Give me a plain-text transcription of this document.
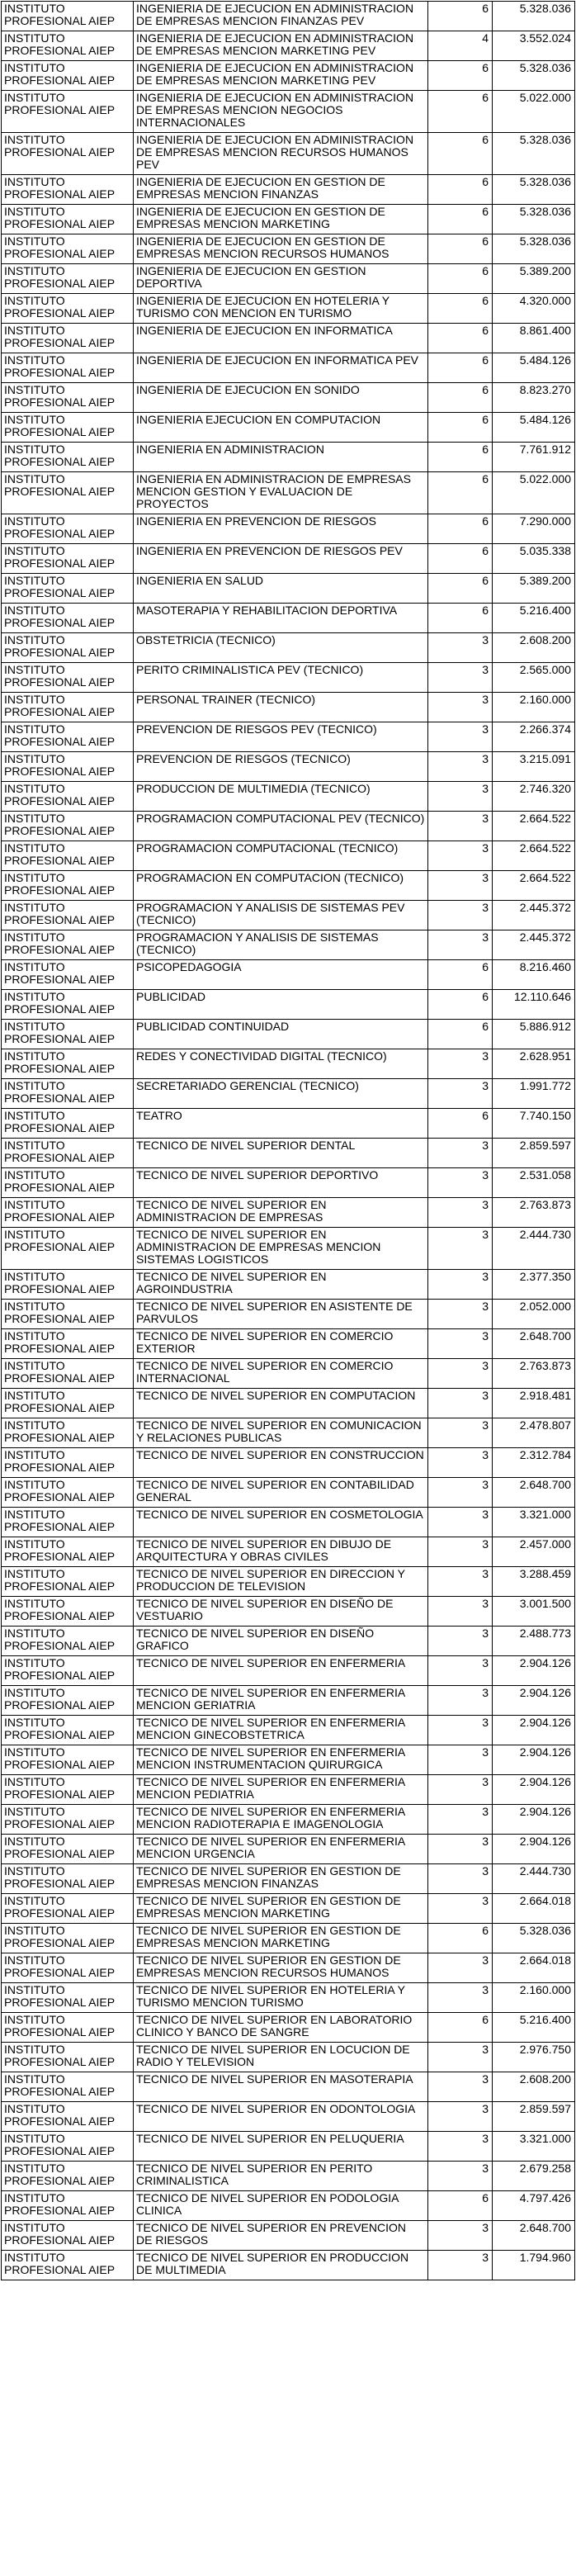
INSTITUTO PROFESIONAL AIEP	INGENIERIA DE EJECUCION EN ADMINISTRACION DE EMPRESAS MENCION FINANZAS PEV	6	5.328.036
INSTITUTO PROFESIONAL AIEP	INGENIERIA DE EJECUCION EN ADMINISTRACION DE EMPRESAS MENCION MARKETING PEV	4	3.552.024
INSTITUTO PROFESIONAL AIEP	INGENIERIA DE EJECUCION EN ADMINISTRACION DE EMPRESAS MENCION MARKETING PEV	6	5.328.036
INSTITUTO PROFESIONAL AIEP	INGENIERIA DE EJECUCION EN ADMINISTRACION DE EMPRESAS MENCION NEGOCIOS INTERNACIONALES	6	5.022.000
INSTITUTO PROFESIONAL AIEP	INGENIERIA DE EJECUCION EN ADMINISTRACION DE EMPRESAS MENCION RECURSOS HUMANOS PEV	6	5.328.036
INSTITUTO PROFESIONAL AIEP	INGENIERIA DE EJECUCION EN GESTION DE EMPRESAS MENCION FINANZAS	6	5.328.036
INSTITUTO PROFESIONAL AIEP	INGENIERIA DE EJECUCION EN GESTION DE EMPRESAS MENCION MARKETING	6	5.328.036
INSTITUTO PROFESIONAL AIEP	INGENIERIA DE EJECUCION EN GESTION DE EMPRESAS MENCION RECURSOS HUMANOS	6	5.328.036
INSTITUTO PROFESIONAL AIEP	INGENIERIA DE EJECUCION EN GESTION DEPORTIVA	6	5.389.200
INSTITUTO PROFESIONAL AIEP	INGENIERIA DE EJECUCION EN HOTELERIA Y TURISMO CON MENCION EN TURISMO	6	4.320.000
INSTITUTO PROFESIONAL AIEP	INGENIERIA DE EJECUCION EN INFORMATICA	6	8.861.400
INSTITUTO PROFESIONAL AIEP	INGENIERIA DE EJECUCION EN INFORMATICA PEV	6	5.484.126
INSTITUTO PROFESIONAL AIEP	INGENIERIA DE EJECUCION EN SONIDO	6	8.823.270
INSTITUTO PROFESIONAL AIEP	INGENIERIA EJECUCION EN COMPUTACION	6	5.484.126
INSTITUTO PROFESIONAL AIEP	INGENIERIA EN ADMINISTRACION	6	7.761.912
INSTITUTO PROFESIONAL AIEP	INGENIERIA EN ADMINISTRACION DE EMPRESAS MENCION GESTION Y EVALUACION DE PROYECTOS	6	5.022.000
INSTITUTO PROFESIONAL AIEP	INGENIERIA EN PREVENCION DE RIESGOS	6	7.290.000
INSTITUTO PROFESIONAL AIEP	INGENIERIA EN PREVENCION DE RIESGOS PEV	6	5.035.338
INSTITUTO PROFESIONAL AIEP	INGENIERIA EN SALUD	6	5.389.200
INSTITUTO PROFESIONAL AIEP	MASOTERAPIA Y REHABILITACION DEPORTIVA	6	5.216.400
INSTITUTO PROFESIONAL AIEP	OBSTETRICIA (TECNICO)	3	2.608.200
INSTITUTO PROFESIONAL AIEP	PERITO CRIMINALISTICA PEV (TECNICO)	3	2.565.000
INSTITUTO PROFESIONAL AIEP	PERSONAL TRAINER (TECNICO)	3	2.160.000
INSTITUTO PROFESIONAL AIEP	PREVENCION DE RIESGOS PEV (TECNICO)	3	2.266.374
INSTITUTO PROFESIONAL AIEP	PREVENCION DE RIESGOS (TECNICO)	3	3.215.091
INSTITUTO PROFESIONAL AIEP	PRODUCCION DE MULTIMEDIA (TECNICO)	3	2.746.320
INSTITUTO PROFESIONAL AIEP	PROGRAMACION COMPUTACIONAL PEV (TECNICO)	3	2.664.522
INSTITUTO PROFESIONAL AIEP	PROGRAMACION COMPUTACIONAL (TECNICO)	3	2.664.522
INSTITUTO PROFESIONAL AIEP	PROGRAMACION EN COMPUTACION (TECNICO)	3	2.664.522
INSTITUTO PROFESIONAL AIEP	PROGRAMACION Y ANALISIS DE SISTEMAS PEV (TECNICO)	3	2.445.372
INSTITUTO PROFESIONAL AIEP	PROGRAMACION Y ANALISIS DE SISTEMAS (TECNICO)	3	2.445.372
INSTITUTO PROFESIONAL AIEP	PSICOPEDAGOGIA	6	8.216.460
INSTITUTO PROFESIONAL AIEP	PUBLICIDAD	6	12.110.646
INSTITUTO PROFESIONAL AIEP	PUBLICIDAD CONTINUIDAD	6	5.886.912
INSTITUTO PROFESIONAL AIEP	REDES Y CONECTIVIDAD DIGITAL (TECNICO)	3	2.628.951
INSTITUTO PROFESIONAL AIEP	SECRETARIADO GERENCIAL (TECNICO)	3	1.991.772
INSTITUTO PROFESIONAL AIEP	TEATRO	6	7.740.150
INSTITUTO PROFESIONAL AIEP	TECNICO DE NIVEL SUPERIOR DENTAL	3	2.859.597
INSTITUTO PROFESIONAL AIEP	TECNICO DE NIVEL SUPERIOR DEPORTIVO	3	2.531.058
INSTITUTO PROFESIONAL AIEP	TECNICO DE NIVEL SUPERIOR EN ADMINISTRACION DE EMPRESAS	3	2.763.873
INSTITUTO PROFESIONAL AIEP	TECNICO DE NIVEL SUPERIOR EN ADMINISTRACION DE EMPRESAS MENCION SISTEMAS LOGISTICOS	3	2.444.730
INSTITUTO PROFESIONAL AIEP	TECNICO DE NIVEL SUPERIOR EN AGROINDUSTRIA	3	2.377.350
INSTITUTO PROFESIONAL AIEP	TECNICO DE NIVEL SUPERIOR EN ASISTENTE DE PARVULOS	3	2.052.000
INSTITUTO PROFESIONAL AIEP	TECNICO DE NIVEL SUPERIOR EN COMERCIO EXTERIOR	3	2.648.700
INSTITUTO PROFESIONAL AIEP	TECNICO DE NIVEL SUPERIOR EN COMERCIO INTERNACIONAL	3	2.763.873
INSTITUTO PROFESIONAL AIEP	TECNICO DE NIVEL SUPERIOR EN COMPUTACION	3	2.918.481
INSTITUTO PROFESIONAL AIEP	TECNICO DE NIVEL SUPERIOR EN COMUNICACION Y RELACIONES PUBLICAS	3	2.478.807
INSTITUTO PROFESIONAL AIEP	TECNICO DE NIVEL SUPERIOR EN CONSTRUCCION	3	2.312.784
INSTITUTO PROFESIONAL AIEP	TECNICO DE NIVEL SUPERIOR EN CONTABILIDAD GENERAL	3	2.648.700
INSTITUTO PROFESIONAL AIEP	TECNICO DE NIVEL SUPERIOR EN COSMETOLOGIA	3	3.321.000
INSTITUTO PROFESIONAL AIEP	TECNICO DE NIVEL SUPERIOR EN DIBUJO DE ARQUITECTURA Y OBRAS CIVILES	3	2.457.000
INSTITUTO PROFESIONAL AIEP	TECNICO DE NIVEL SUPERIOR EN DIRECCION Y PRODUCCION DE TELEVISION	3	3.288.459
INSTITUTO PROFESIONAL AIEP	TECNICO DE NIVEL SUPERIOR EN DISEÑO DE VESTUARIO	3	3.001.500
INSTITUTO PROFESIONAL AIEP	TECNICO DE NIVEL SUPERIOR EN DISEÑO GRAFICO	3	2.488.773
INSTITUTO PROFESIONAL AIEP	TECNICO DE NIVEL SUPERIOR EN ENFERMERIA	3	2.904.126
INSTITUTO PROFESIONAL AIEP	TECNICO DE NIVEL SUPERIOR EN ENFERMERIA MENCION GERIATRIA	3	2.904.126
INSTITUTO PROFESIONAL AIEP	TECNICO DE NIVEL SUPERIOR EN ENFERMERIA MENCION GINECOBSTETRICA	3	2.904.126
INSTITUTO PROFESIONAL AIEP	TECNICO DE NIVEL SUPERIOR EN ENFERMERIA MENCION INSTRUMENTACION QUIRURGICA	3	2.904.126
INSTITUTO PROFESIONAL AIEP	TECNICO DE NIVEL SUPERIOR EN ENFERMERIA MENCION PEDIATRIA	3	2.904.126
INSTITUTO PROFESIONAL AIEP	TECNICO DE NIVEL SUPERIOR EN ENFERMERIA MENCION RADIOTERAPIA E IMAGENOLOGIA	3	2.904.126
INSTITUTO PROFESIONAL AIEP	TECNICO DE NIVEL SUPERIOR EN ENFERMERIA MENCION URGENCIA	3	2.904.126
INSTITUTO PROFESIONAL AIEP	TECNICO DE NIVEL SUPERIOR EN GESTION DE EMPRESAS MENCION FINANZAS	3	2.444.730
INSTITUTO PROFESIONAL AIEP	TECNICO DE NIVEL SUPERIOR EN GESTION DE EMPRESAS MENCION MARKETING	3	2.664.018
INSTITUTO PROFESIONAL AIEP	TECNICO DE NIVEL SUPERIOR EN GESTION DE EMPRESAS MENCION MARKETING	6	5.328.036
INSTITUTO PROFESIONAL AIEP	TECNICO DE NIVEL SUPERIOR EN GESTION DE EMPRESAS MENCION RECURSOS HUMANOS	3	2.664.018
INSTITUTO PROFESIONAL AIEP	TECNICO DE NIVEL SUPERIOR EN HOTELERIA Y TURISMO MENCION TURISMO	3	2.160.000
INSTITUTO PROFESIONAL AIEP	TECNICO DE NIVEL SUPERIOR EN LABORATORIO CLINICO Y BANCO DE SANGRE	6	5.216.400
INSTITUTO PROFESIONAL AIEP	TECNICO DE NIVEL SUPERIOR EN LOCUCION DE RADIO Y TELEVISION	3	2.976.750
INSTITUTO PROFESIONAL AIEP	TECNICO DE NIVEL SUPERIOR EN MASOTERAPIA	3	2.608.200
INSTITUTO PROFESIONAL AIEP	TECNICO DE NIVEL SUPERIOR EN ODONTOLOGIA	3	2.859.597
INSTITUTO PROFESIONAL AIEP	TECNICO DE NIVEL SUPERIOR EN PELUQUERIA	3	3.321.000
INSTITUTO PROFESIONAL AIEP	TECNICO DE NIVEL SUPERIOR EN PERITO CRIMINALISTICA	3	2.679.258
INSTITUTO PROFESIONAL AIEP	TECNICO DE NIVEL SUPERIOR EN PODOLOGIA CLINICA	6	4.797.426
INSTITUTO PROFESIONAL AIEP	TECNICO DE NIVEL SUPERIOR EN PREVENCION DE RIESGOS	3	2.648.700
INSTITUTO PROFESIONAL AIEP	TECNICO DE NIVEL SUPERIOR EN PRODUCCION DE MULTIMEDIA	3	1.794.960
